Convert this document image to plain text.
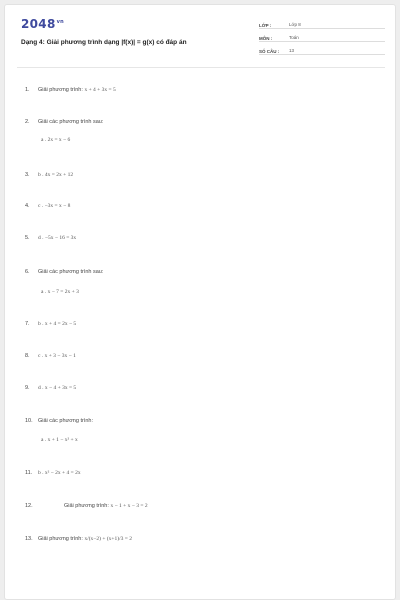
$2048^{vn}$
Dạng 4: Giải phương trình dạng |f(x)| = g(x) có đáp án
LỚP :	Lớp 8
MÔN :	Toán
SỐ CÂU :	13
1. Giải phương trình: x + 4 + 3x = 5
2. Giải các phương trình sau:
a . 2x = x − 6
3. b . 4x = 2x + 12
4. c . −3x = x − 8
5. d . −5x − 16 = 3x
6. Giải các phương trình sau:
a . x − 7 = 2x + 3
7. b . x + 4 = 2x − 5
8. c . x + 3 − 3x − 1
9. d . x − 4 + 3x = 5
10. Giải các phương trình:
a . x + 1 − x² + x
11. b . x² − 2x + 4 = 2x
12.	Giải phương trình: x − 1 + x − 3 = 2
13. Giải phương trình: x/(x−2) + (x+1)/3 = 2
